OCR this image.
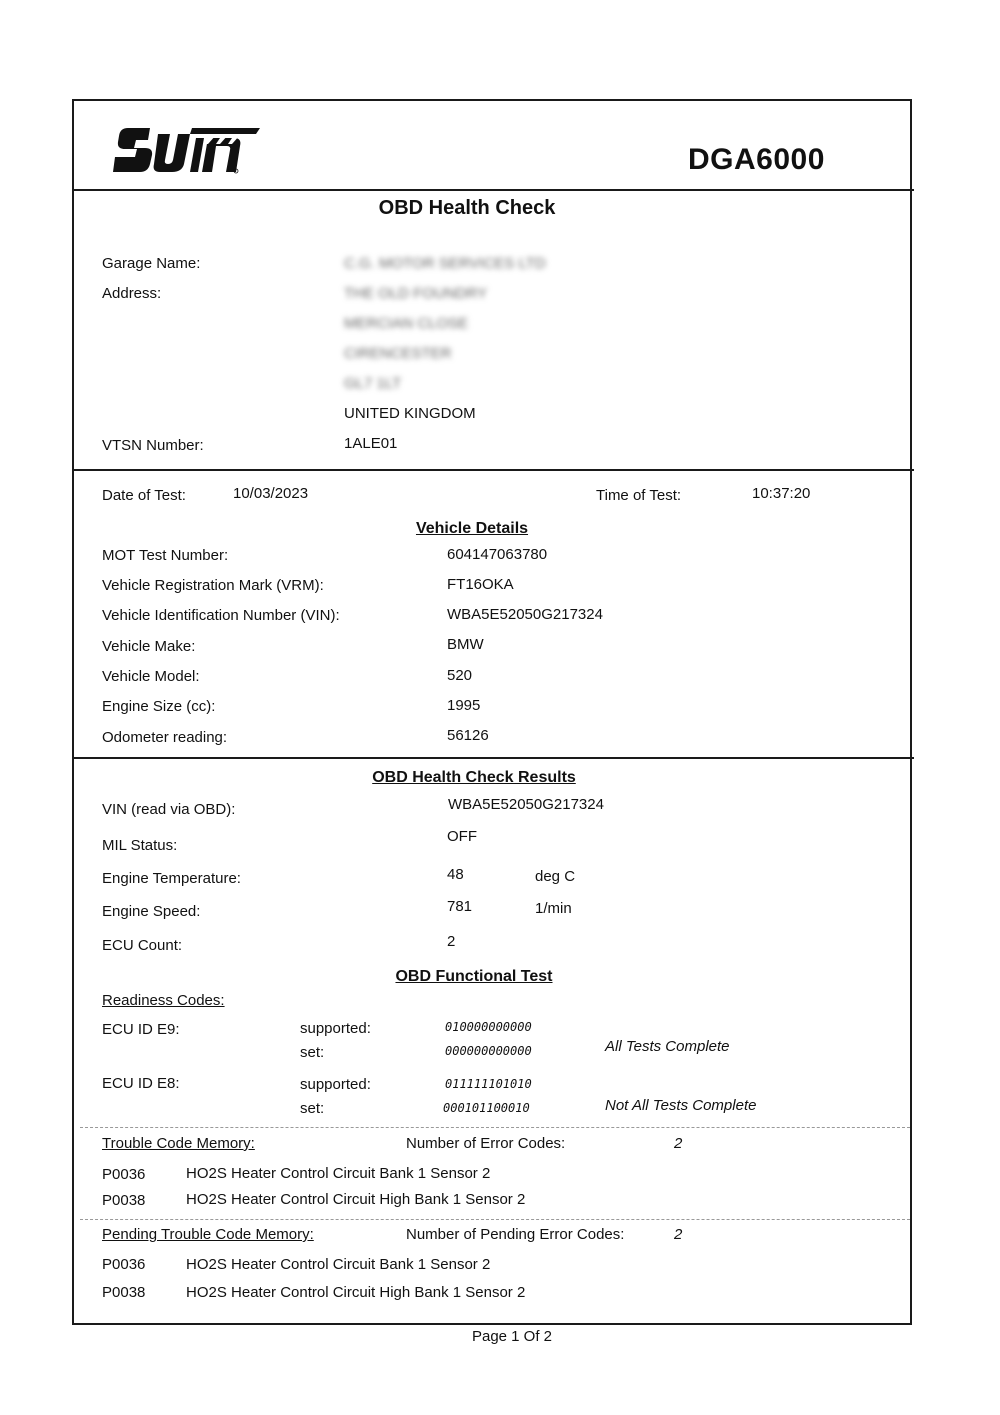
DGA6000
OBD Health Check
Garage Name:	C.G. MOTOR SERVICES LTD
Address:	THE OLD FOUNDRY
MERCIAN CLOSE
CIRENCESTER
GL7 1LT
UNITED KINGDOM
VTSN Number:	1ALE01
Date of Test:	10/03/2023	Time of Test:	10:37:20
Vehicle Details
MOT Test Number:	604147063780
Vehicle Registration Mark (VRM):	FT16OKA
Vehicle Identification Number (VIN):	WBA5E52050G217324
Vehicle Make:	BMW
Vehicle Model:	520
Engine Size (cc):	1995
Odometer reading:	56126
OBD Health Check Results
VIN (read via OBD):	WBA5E52050G217324
MIL Status:
OFF
Engine Temperature:	48	deg C
Engine Speed:	781	1/min
ECU Count:	2
OBD Functional Test
Readiness Codes:
ECU ID E9:	supported:	010000000000
set:	000000000000	All Tests Complete
ECU ID E8:	supported:	011111101010
set:	000101100010	Not All Tests Complete
Trouble Code Memory:	Number of Error Codes:	2
P0036	HO2S Heater Control Circuit Bank 1 Sensor 2
P0038	HO2S Heater Control Circuit High Bank 1 Sensor 2
Pending Trouble Code Memory:	Number of Pending Error Codes:	2
P0036	HO2S Heater Control Circuit Bank 1 Sensor 2
P0038	HO2S Heater Control Circuit High Bank 1 Sensor 2
Page 1 Of 2
